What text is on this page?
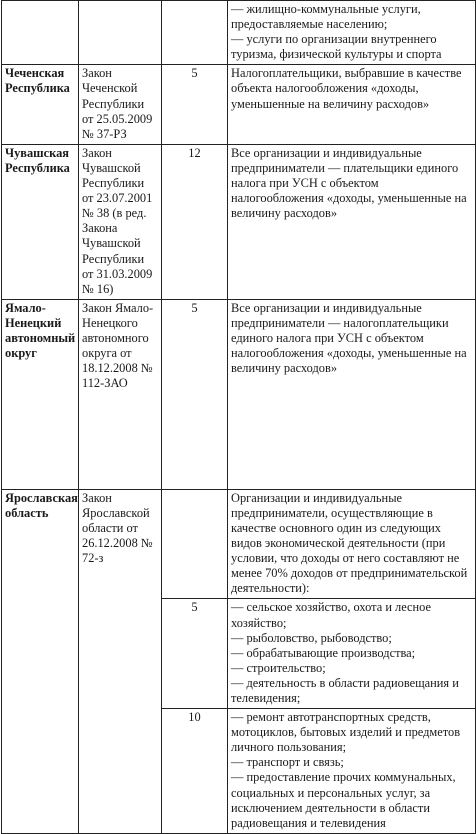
			— жилищно-коммунальные услуги, предоставляемые населению;
— услуги по организации внутреннего туризма, физической культуры и спорта
Чеченская Республика	Закон Чеченской Республики от 25.05.2009 № 37-РЗ	5	Налогоплательщики, выбравшие в качестве объекта налогообложения «доходы, уменьшенные на величину расходов»
Чувашская Республика	Закон Чувашской Республики от 23.07.2001 № 38 (в ред. Закона Чувашской Республики от 31.03.2009 № 16)	12	Все организации и индивидуальные предприниматели — плательщики единого налога при УСН с объектом налогообложения «доходы, уменьшенные на величину расходов»
Ямало-Ненецкий автономный округ	Закон Ямало-Ненецкого автономного округа от 18.12.2008 № 112-ЗАО	5	Все организации и индивидуальные предприниматели — налогоплательщики единого налога при УСН с объектом налогообложения «доходы, уменьшенные на величину расходов»
Ярославская область	Закон Ярославской области от 26.12.2008 № 72-з		Организации и индивидуальные предприниматели, осуществляющие в качестве основного один из следующих видов экономической деятельности (при условии, что доходы от него составляют не менее 70% доходов от предпринимательской деятельности):
		5	— сельское хозяйство, охота и лесное хозяйство;
— рыболовство, рыбоводство;
— обрабатывающие производства;
— строительство;
— деятельность в области радиовещания и телевидения;
		10	— ремонт автотранспортных средств, мотоциклов, бытовых изделий и предметов личного пользования;
— транспорт и связь;
— предоставление прочих коммунальных, социальных и персональных услуг, за исключением деятельности в области радиовещания и телевидения
